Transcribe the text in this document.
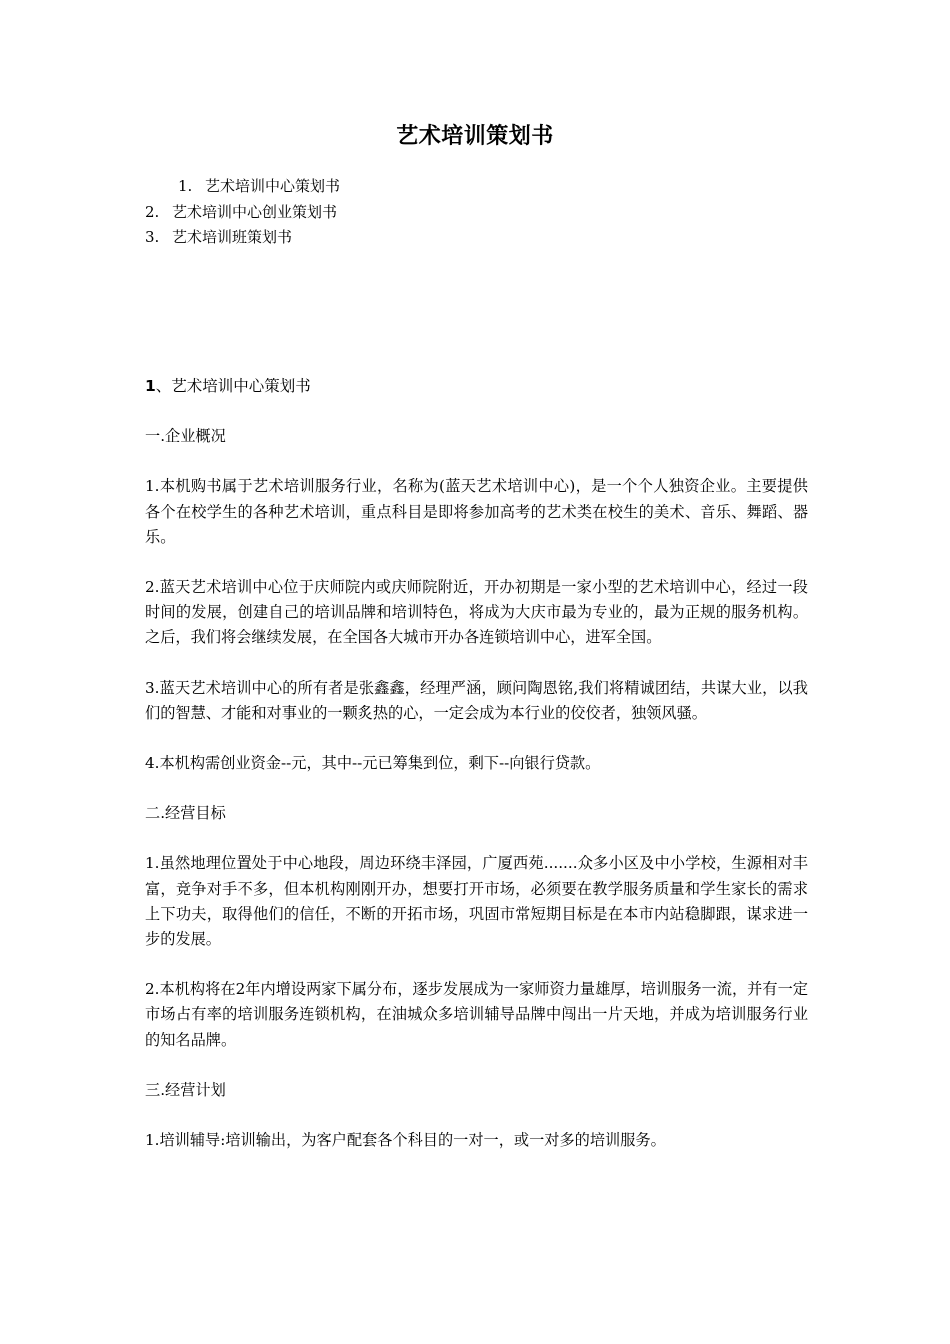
艺术培训策划书
1. 艺术培训中心策划书
2. 艺术培训中心创业策划书
3. 艺术培训班策划书

1、艺术培训中心策划书

一.企业概况

1.本机购书属于艺术培训服务行业，名称为(蓝天艺术培训中心)，是一个个人独资企业。主要提供各个在校学生的各种艺术培训，重点科目是即将参加高考的艺术类在校生的美术、音乐、舞蹈、器乐。

2.蓝天艺术培训中心位于庆师院内或庆师院附近，开办初期是一家小型的艺术培训中心，经过一段时间的发展，创建自己的培训品牌和培训特色，将成为大庆市最为专业的，最为正规的服务机构。之后，我们将会继续发展，在全国各大城市开办各连锁培训中心，进军全国。

3.蓝天艺术培训中心的所有者是张鑫鑫，经理严涵，顾问陶恩铭,我们将精诚团结，共谋大业，以我们的智慧、才能和对事业的一颗炙热的心，一定会成为本行业的佼佼者，独领风骚。

4.本机构需创业资金--元，其中--元已筹集到位，剩下--向银行贷款。

二.经营目标

1.虽然地理位置处于中心地段，周边环绕丰泽园，广厦西苑.......众多小区及中小学校，生源相对丰富，竞争对手不多，但本机构刚刚开办，想要打开市场，必须要在教学服务质量和学生家长的需求上下功夫，取得他们的信任，不断的开拓市场，巩固市常短期目标是在本市内站稳脚跟，谋求进一步的发展。

2.本机构将在2年内增设两家下属分布，逐步发展成为一家师资力量雄厚，培训服务一流，并有一定市场占有率的培训服务连锁机构，在油城众多培训辅导品牌中闯出一片天地，并成为培训服务行业的知名品牌。

三.经营计划

1.培训辅导:培训输出，为客户配套各个科目的一对一，或一对多的培训服务。
